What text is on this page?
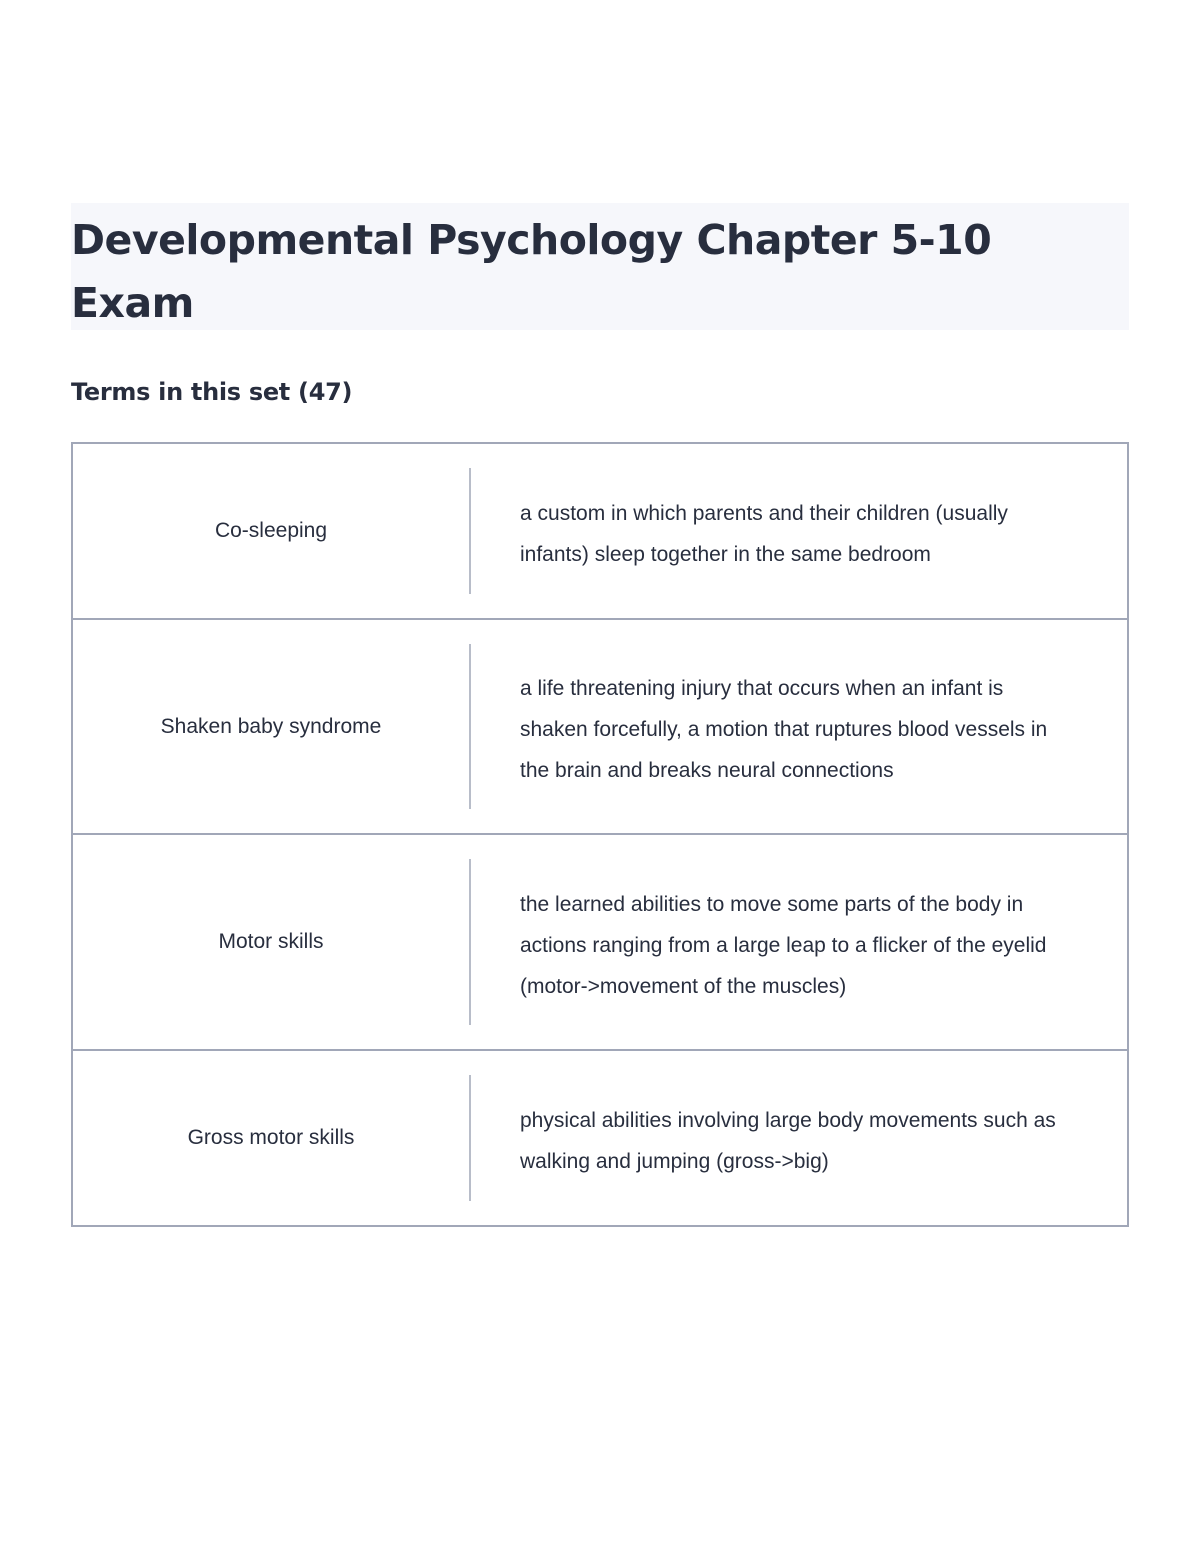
Developmental Psychology Chapter 5-10
Exam
Terms in this set (47)
Co-sleeping
a custom in which parents and their children (usually infants) sleep together in the same bedroom
Shaken baby syndrome
a life threatening injury that occurs when an infant is shaken forcefully, a motion that ruptures blood vessels in the brain and breaks neural connections
Motor skills
the learned abilities to move some parts of the body in actions ranging from a large leap to a flicker of the eyelid (motor->movement of the muscles)
Gross motor skills
physical abilities involving large body movements such as walking and jumping (gross->big)
